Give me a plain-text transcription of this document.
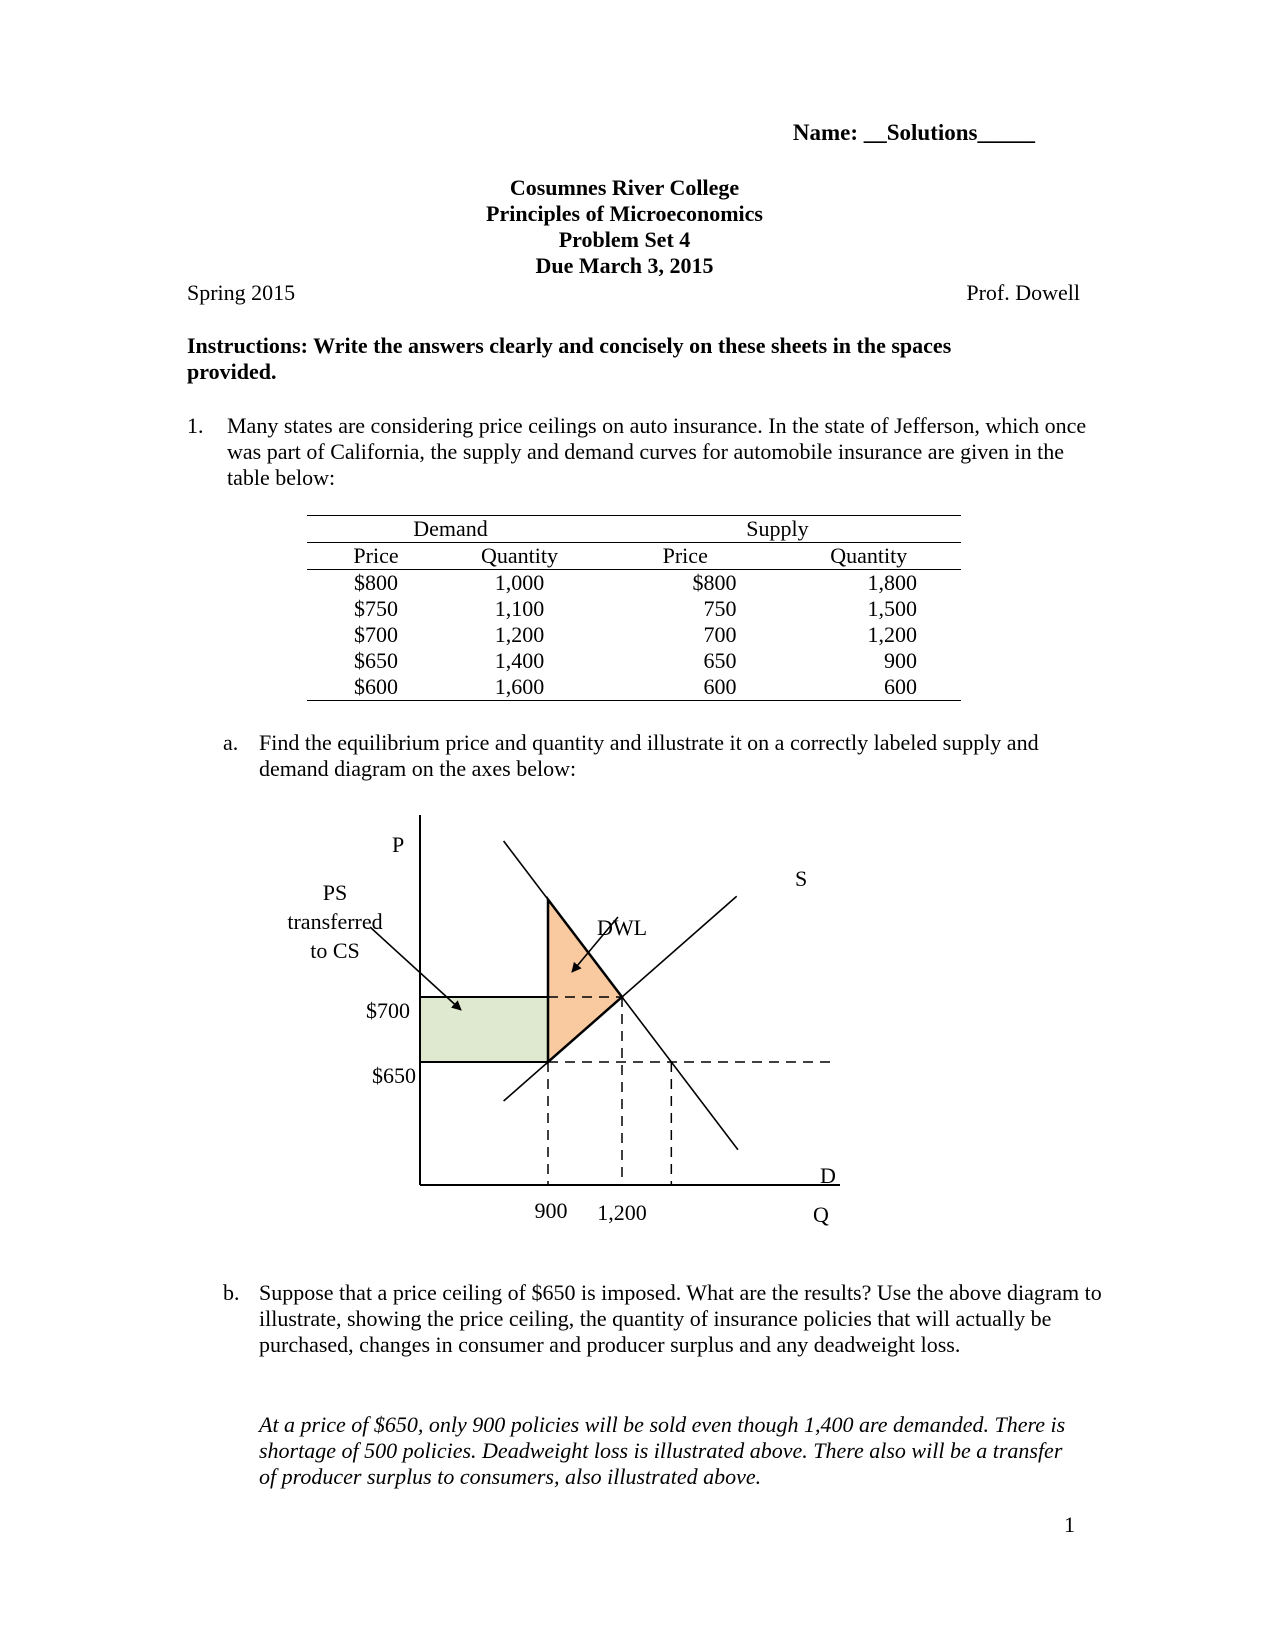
Name: __Solutions_____
Cosumnes River College
Principles of Microeconomics
Problem Set 4
Due March 3, 2015
Spring 2015	Prof. Dowell
Instructions: Write the answers clearly and concisely on these sheets in the spaces provided.
1. Many states are considering price ceilings on auto insurance. In the state of Jefferson, which once was part of California, the supply and demand curves for automobile insurance are given in the table below:
Demand		Supply	
Price	Quantity	Price	Quantity
$800	1,000	$800	1,800
$750	1,100	750	1,500
$700	1,200	700	1,200
$650	1,400	650	900
$600	1,600	600	600
a. Find the equilibrium price and quantity and illustrate it on a correctly labeled supply and demand diagram on the axes below:
P
Q
S
D
DWL
PS
transferred
to CS
$700
$650
900 1,200
b. Suppose that a price ceiling of $650 is imposed. What are the results? Use the above diagram to illustrate, showing the price ceiling, the quantity of insurance policies that will actually be purchased, changes in consumer and producer surplus and any deadweight loss.
At a price of $650, only 900 policies will be sold even though 1,400 are demanded. There is shortage of 500 policies. Deadweight loss is illustrated above. There also will be a transfer of producer surplus to consumers, also illustrated above.
1
